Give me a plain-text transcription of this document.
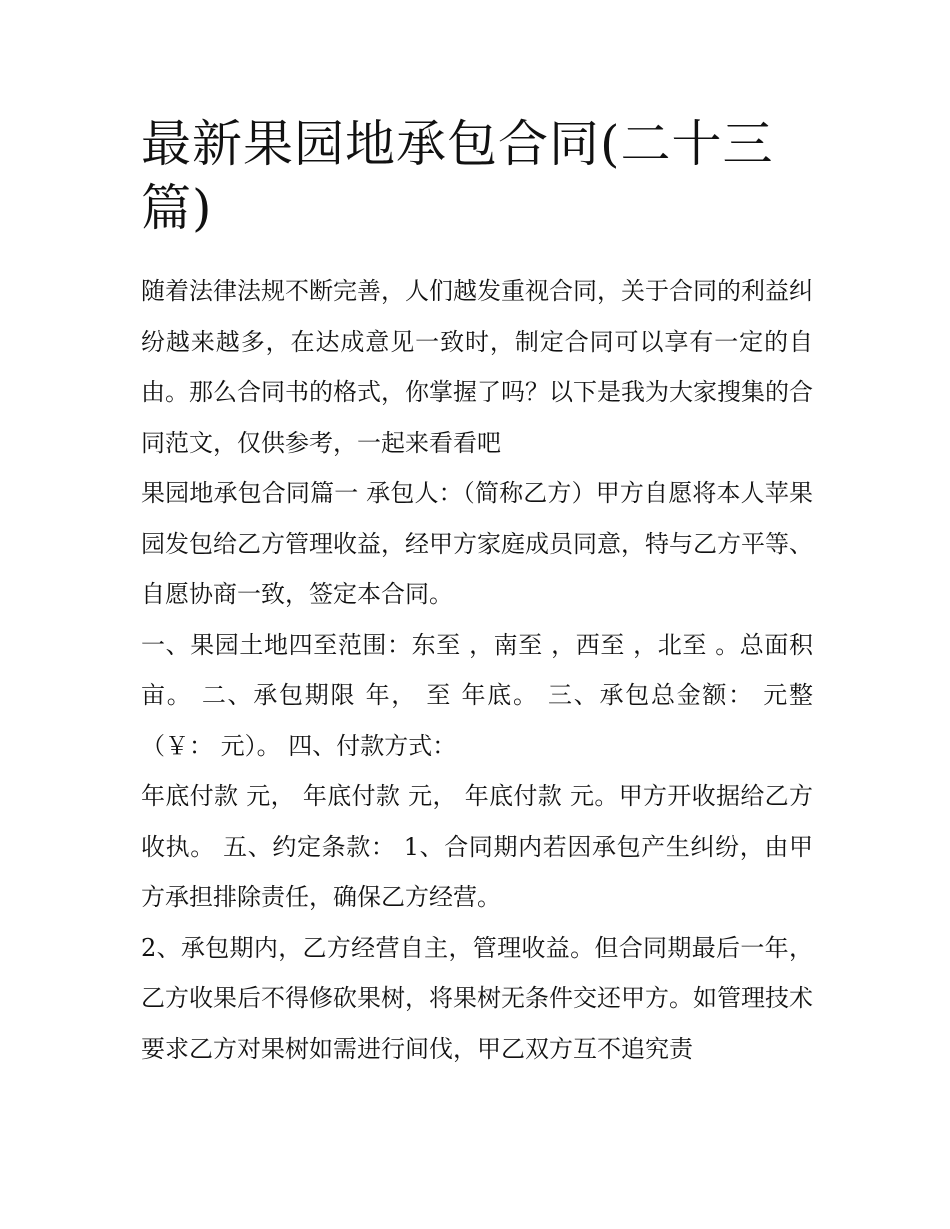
最新果园地承包合同(二十三篇)

随着法律法规不断完善，人们越发重视合同，关于合同的利益纠纷越来越多，在达成意见一致时，制定合同可以享有一定的自由。那么合同书的格式，你掌握了吗？以下是我为大家搜集的合同范文，仅供参考，一起来看看吧

果园地承包合同篇一 承包人：（简称乙方）甲方自愿将本人苹果园发包给乙方管理收益，经甲方家庭成员同意，特与乙方平等、自愿协商一致，签定本合同。

一、果园土地四至范围：东至 ，南至 ，西至 ，北至 。总面积 亩。 二、承包期限 年， 至 年底。 三、承包总金额： 元整（￥： 元）。 四、付款方式：

年底付款 元， 年底付款 元， 年底付款 元。甲方开收据给乙方收执。 五、约定条款： 1、合同期内若因承包产生纠纷，由甲方承担排除责任，确保乙方经营。

2、承包期内，乙方经营自主，管理收益。但合同期最后一年，乙方收果后不得修砍果树，将果树无条件交还甲方。如管理技术要求乙方对果树如需进行间伐，甲乙双方互不追究责
